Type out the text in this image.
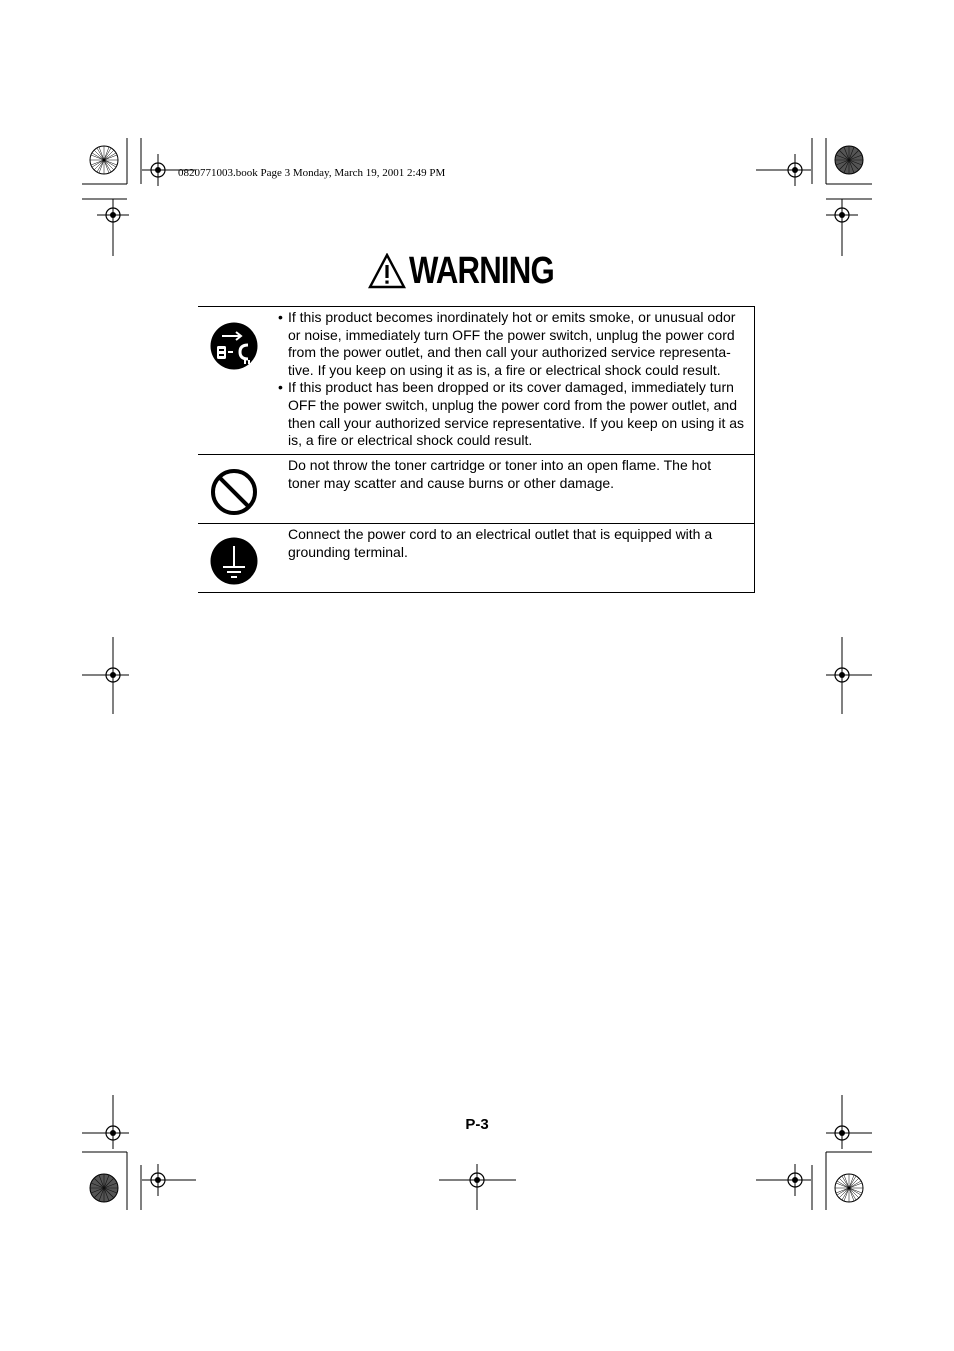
0820771003.book Page 3 Monday, March 19, 2001 2:49 PM
WARNING
• If this product becomes inordinately hot or emits smoke, or unusual odor or noise, immediately turn OFF the power switch, unplug the power cord from the power outlet, and then call your authorized service representa-tive. If you keep on using it as is, a fire or electrical shock could result.
• If this product has been dropped or its cover damaged, immediately turn OFF the power switch, unplug the power cord from the power outlet, and then call your authorized service representative. If you keep on using it as is, a fire or electrical shock could result.

Do not throw the toner cartridge or toner into an open flame. The hot toner may scatter and cause burns or other damage.

Connect the power cord to an electrical outlet that is equipped with a grounding terminal.

P-3
